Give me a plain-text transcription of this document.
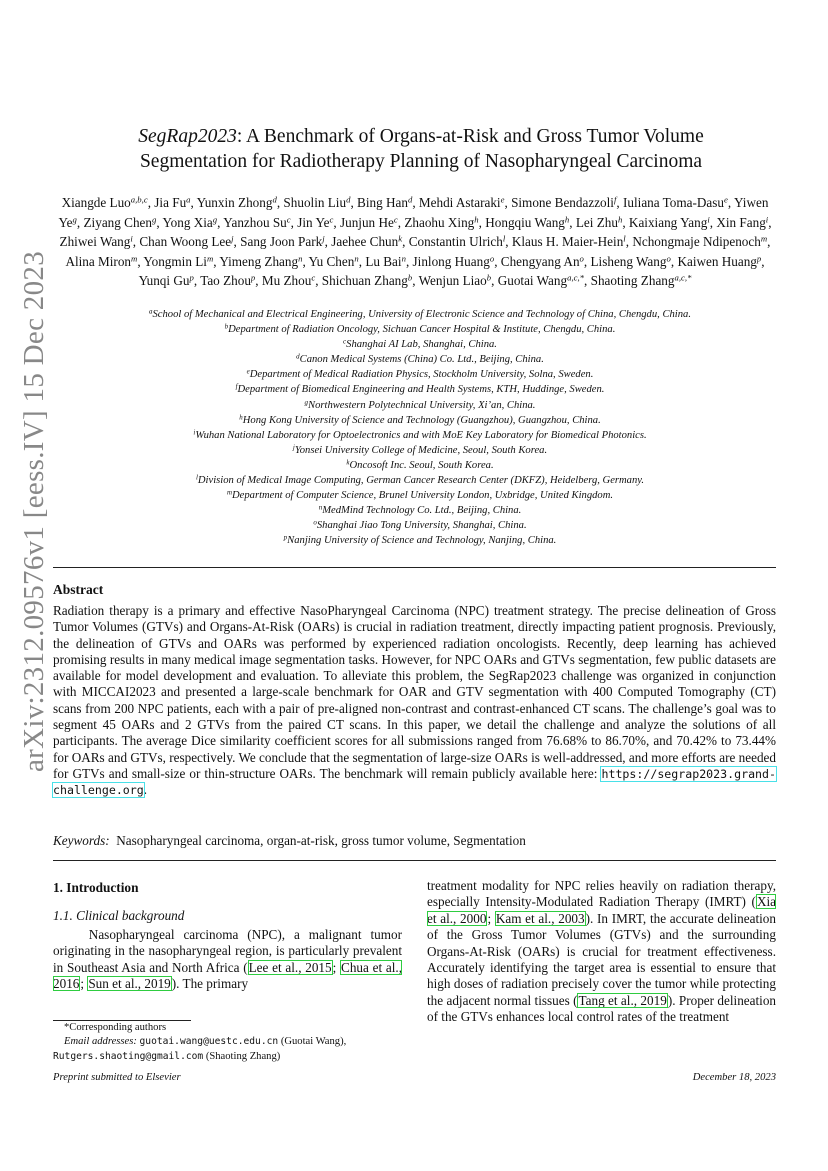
arXiv:2312.09576v1 [eess.IV] 15 Dec 2023
SegRap2023: A Benchmark of Organs-at-Risk and Gross Tumor Volume
Segmentation for Radiotherapy Planning of Nasopharyngeal Carcinoma
Xiangde Luo$^{a,b,c}$, Jia Fu$^a$, Yunxin Zhong$^d$, Shuolin Liu$^d$, Bing Han$^d$, Mehdi Astaraki$^e$, Simone Bendazzoli$^f$, Iuliana Toma-Dasu$^e$, Yiwen Ye$^g$, Ziyang Chen$^g$, Yong Xia$^g$, Yanzhou Su$^c$, Jin Ye$^c$, Junjun He$^c$, Zhaohu Xing$^h$, Hongqiu Wang$^h$, Lei Zhu$^h$, Kaixiang Yang$^i$, Xin Fang$^i$, Zhiwei Wang$^i$, Chan Woong Lee$^j$, Sang Joon Park$^j$, Jaehee Chun$^k$, Constantin Ulrich$^l$, Klaus H. Maier-Hein$^l$, Nchongmaje Ndipenoch$^m$, Alina Miron$^m$, Yongmin Li$^m$, Yimeng Zhang$^n$, Yu Chen$^n$, Lu Bai$^n$, Jinlong Huang$^o$, Chengyang An$^o$, Lisheng Wang$^o$, Kaiwen Huang$^p$, Yunqi Gu$^p$, Tao Zhou$^p$, Mu Zhou$^c$, Shichuan Zhang$^b$, Wenjun Liao$^b$, Guotai Wang$^{a,c,*}$, Shaoting Zhang$^{a,c,*}$
$^a$School of Mechanical and Electrical Engineering, University of Electronic Science and Technology of China, Chengdu, China.
$^b$Department of Radiation Oncology, Sichuan Cancer Hospital & Institute, Chengdu, China.
$^c$Shanghai AI Lab, Shanghai, China.
$^d$Canon Medical Systems (China) Co. Ltd., Beijing, China.
$^e$Department of Medical Radiation Physics, Stockholm University, Solna, Sweden.
$^f$Department of Biomedical Engineering and Health Systems, KTH, Huddinge, Sweden.
$^g$Northwestern Polytechnical University, Xi’an, China.
$^h$Hong Kong University of Science and Technology (Guangzhou), Guangzhou, China.
$^i$Wuhan National Laboratory for Optoelectronics and with MoE Key Laboratory for Biomedical Photonics.
$^j$Yonsei University College of Medicine, Seoul, South Korea.
$^k$Oncosoft Inc. Seoul, South Korea.
$^l$Division of Medical Image Computing, German Cancer Research Center (DKFZ), Heidelberg, Germany.
$^m$Department of Computer Science, Brunel University London, Uxbridge, United Kingdom.
$^n$MedMind Technology Co. Ltd., Beijing, China.
$^o$Shanghai Jiao Tong University, Shanghai, China.
$^p$Nanjing University of Science and Technology, Nanjing, China.
Abstract
Radiation therapy is a primary and effective NasoPharyngeal Carcinoma (NPC) treatment strategy. The precise delineation of Gross Tumor Volumes (GTVs) and Organs-At-Risk (OARs) is crucial in radiation treatment, directly impacting patient prognosis. Previously, the delineation of GTVs and OARs was performed by experienced radiation oncologists. Recently, deep learning has achieved promising results in many medical image segmentation tasks. However, for NPC OARs and GTVs segmentation, few public datasets are available for model development and evaluation. To alleviate this problem, the SegRap2023 challenge was organized in conjunction with MICCAI2023 and presented a large-scale benchmark for OAR and GTV segmentation with 400 Computed Tomography (CT) scans from 200 NPC patients, each with a pair of pre-aligned non-contrast and contrast-enhanced CT scans. The challenge’s goal was to segment 45 OARs and 2 GTVs from the paired CT scans. In this paper, we detail the challenge and analyze the solutions of all participants. The average Dice similarity coefficient scores for all submissions ranged from 76.68% to 86.70%, and 70.42% to 73.44% for OARs and GTVs, respectively. We conclude that the segmentation of large-size OARs is well-addressed, and more efforts are needed for GTVs and small-size or thin-structure OARs. The benchmark will remain publicly available here: https://segrap2023.grand-challenge.org.
Keywords: Nasopharyngeal carcinoma, organ-at-risk, gross tumor volume, Segmentation
1. Introduction
1.1. Clinical background
Nasopharyngeal carcinoma (NPC), a malignant tumor originating in the nasopharyngeal region, is particularly prevalent in Southeast Asia and North Africa (Lee et al., 2015; Chua et al., 2016; Sun et al., 2019). The primary
treatment modality for NPC relies heavily on radiation therapy, especially Intensity-Modulated Radiation Therapy (IMRT) (Xia et al., 2000; Kam et al., 2003). In IMRT, the accurate delineation of the Gross Tumor Volumes (GTVs) and the surrounding Organs-At-Risk (OARs) is crucial for treatment effectiveness. Accurately identifying the target area is essential to ensure that high doses of radiation precisely cover the tumor while protecting the adjacent normal tissues (Tang et al., 2019). Proper delineation of the GTVs enhances local control rates of the treatment
*Corresponding authors
Email addresses: guotai.wang@uestc.edu.cn (Guotai Wang),

Rutgers.shaoting@gmail.com (Shaoting Zhang)
Preprint submitted to Elsevier	December 18, 2023
